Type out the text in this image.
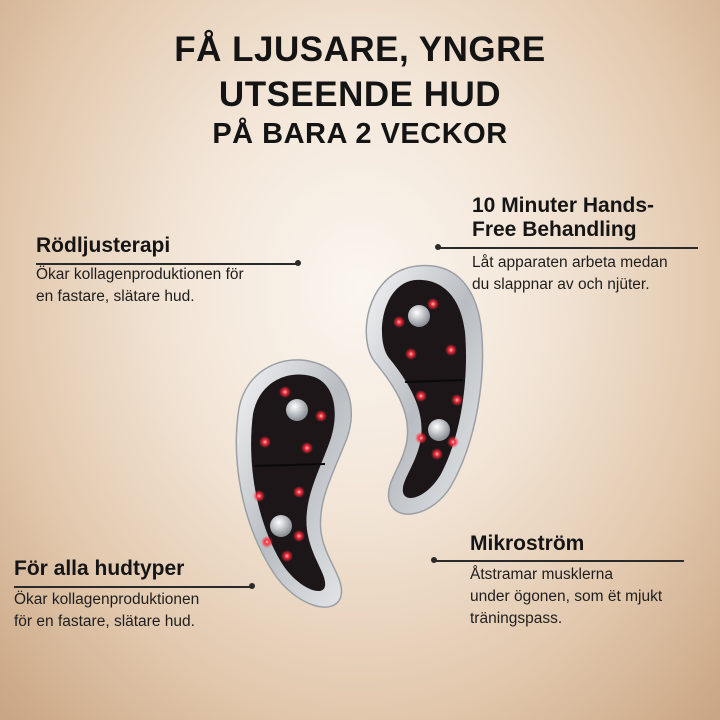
FÅ LJUSARE, YNGRE
UTSEENDE HUD
PÅ BARA 2 VECKOR
Rödljusterapi
Ökar kollagenproduktionen för
en fastare, slätare hud.
10 Minuter Hands-
Free Behandling
Låt apparaten arbeta medan
du slappnar av och njüter.
Mikroström
Åtstramar musklerna
under ögonen, som ët mjukt
träningspass.
För alla hudtyper
Ökar kollagenproduktionen
för en fastare, slätare hud.
